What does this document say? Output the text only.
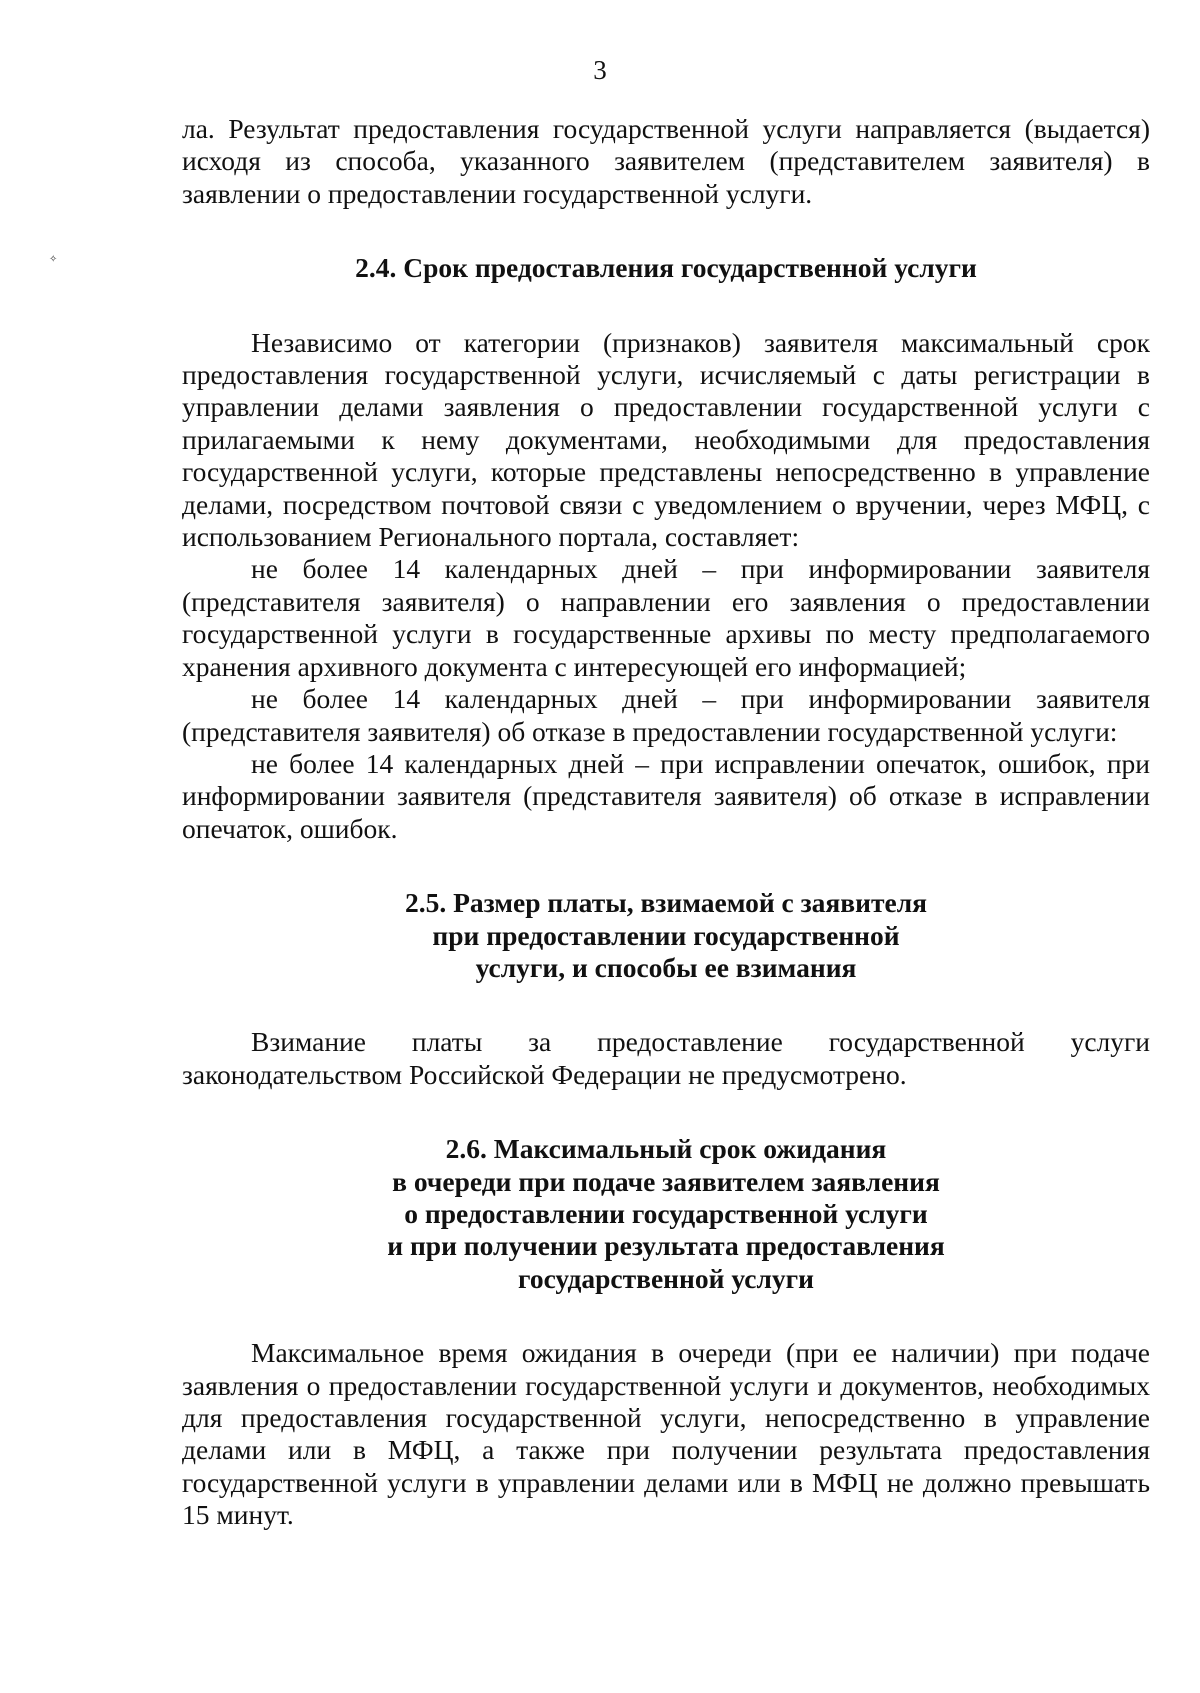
3
✧

ла. Результат предоставления государственной услуги направляется (выдается) исходя из способа, указанного заявителем (представителем заявителя) в заявлении о предоставлении государственной услуги.

2.4. Срок предоставления государственной услуги

Независимо от категории (признаков) заявителя максимальный срок предоставления государственной услуги, исчисляемый с даты регистрации в управлении делами заявления о предоставлении государственной услуги с прилагаемыми к нему документами, необходимыми для предоставления государственной услуги, которые представлены непосредственно в управление делами, посредством почтовой связи с уведомлением о вручении, через МФЦ, с использованием Регионального портала, составляет:

не более 14 календарных дней – при информировании заявителя (представителя заявителя) о направлении его заявления о предоставлении государственной услуги в государственные архивы по месту предполагаемого хранения архивного документа с интересующей его информацией;

не более 14 календарных дней – при информировании заявителя (представителя заявителя) об отказе в предоставлении государственной услуги:

не более 14 календарных дней – при исправлении опечаток, ошибок, при информировании заявителя (представителя заявителя) об отказе в исправлении опечаток, ошибок.

2.5. Размер платы, взимаемой с заявителя
при предоставлении государственной
услуги, и способы ее взимания

Взимание платы за предоставление государственной услуги законодательством Российской Федерации не предусмотрено.

2.6. Максимальный срок ожидания
в очереди при подаче заявителем заявления
о предоставлении государственной услуги
и при получении результата предоставления
государственной услуги

Максимальное время ожидания в очереди (при ее наличии) при подаче заявления о предоставлении государственной услуги и документов, необходимых для предоставления государственной услуги, непосредственно в управление делами или в МФЦ, а также при получении результата предоставления государственной услуги в управлении делами или в МФЦ не должно превышать 15 минут.
